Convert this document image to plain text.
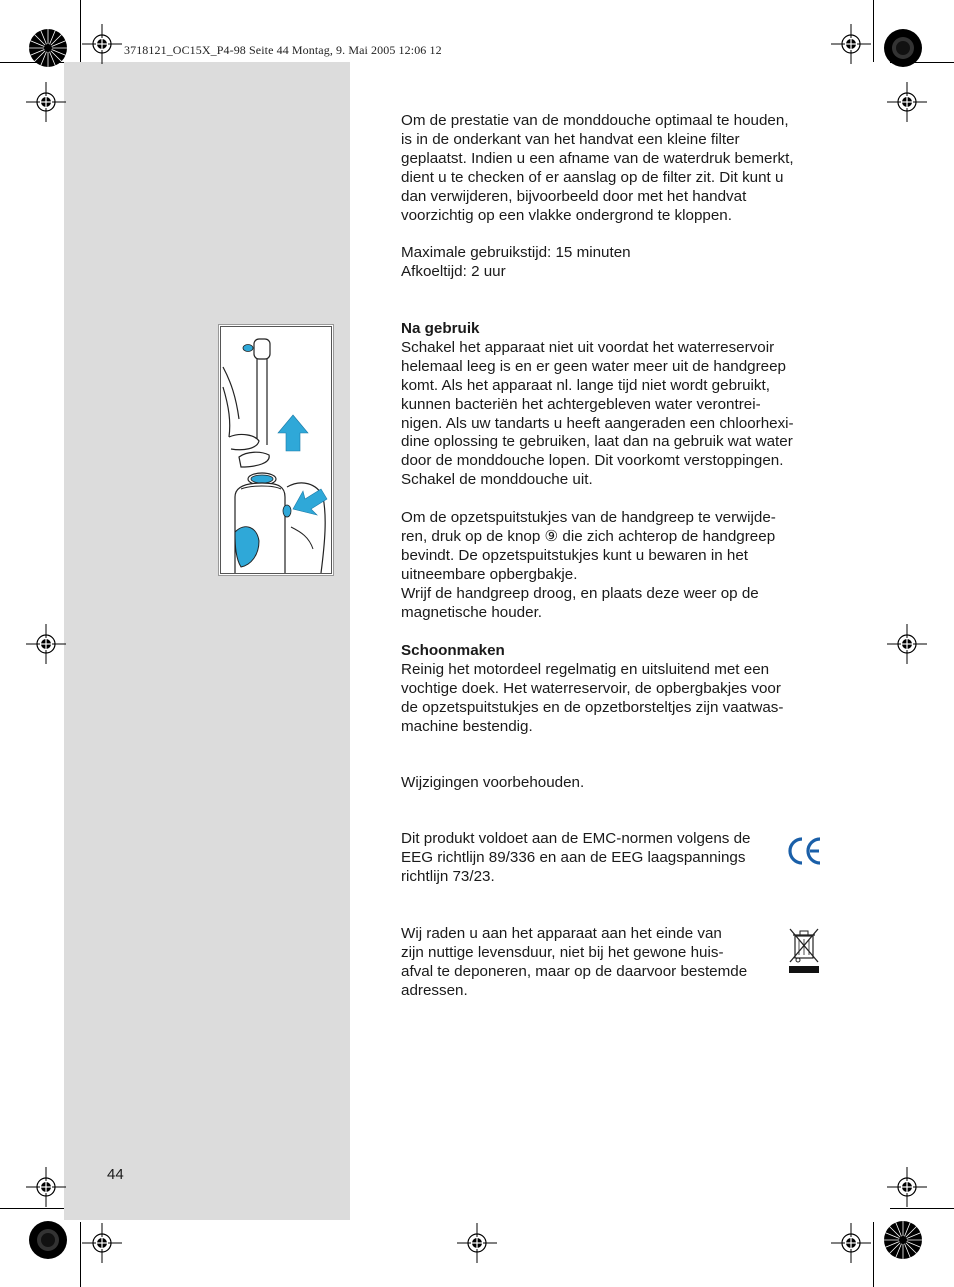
3718121_OC15X_P4-98 Seite 44 Montag, 9. Mai 2005 12:06 12

Om de prestatie van de monddouche optimaal te houden,

is in de onderkant van het handvat een kleine filter

geplaatst. Indien u een afname van de waterdruk bemerkt,

dient u te checken of er aanslag op de filter zit. Dit kunt u

dan verwijderen, bijvoorbeeld door met het handvat

voorzichtig op een vlakke ondergrond te kloppen.

Maximale gebruikstijd: 15 minuten

Afkoeltijd: 2 uur

Na gebruik

Schakel het apparaat niet uit voordat het waterreservoir

helemaal leeg is en er geen water meer uit de handgreep

komt. Als het apparaat nl. lange tijd niet wordt gebruikt,

kunnen bacteriën het achtergebleven water verontrei-

nigen. Als uw tandarts u heeft aangeraden een chloorhexi-

dine oplossing te gebruiken, laat dan na gebruik wat water

door de monddouche lopen. Dit voorkomt verstoppingen.

Schakel de monddouche uit.

Om de opzetspuitstukjes van de handgreep te verwijde-

ren, druk op de knop ⑨ die zich achterop de handgreep

bevindt. De opzetspuitstukjes kunt u bewaren in het

uitneembare opbergbakje.

Wrijf de handgreep droog, en plaats deze weer op de

magnetische houder.

Schoonmaken

Reinig het motordeel regelmatig en uitsluitend met een

vochtige doek. Het waterreservoir, de opbergbakjes voor

de opzetspuitstukjes en de opzetborsteltjes zijn vaatwas-

machine bestendig.

Wijzigingen voorbehouden.

Dit produkt voldoet aan de EMC-normen volgens de

EEG richtlijn 89/336 en aan de EEG laagspannings

richtlijn 73/23.

Wij raden u aan het apparaat aan het einde van

zijn nuttige levensduur, niet bij het gewone huis-

afval te deponeren, maar op de daarvoor bestemde

adressen.

44
